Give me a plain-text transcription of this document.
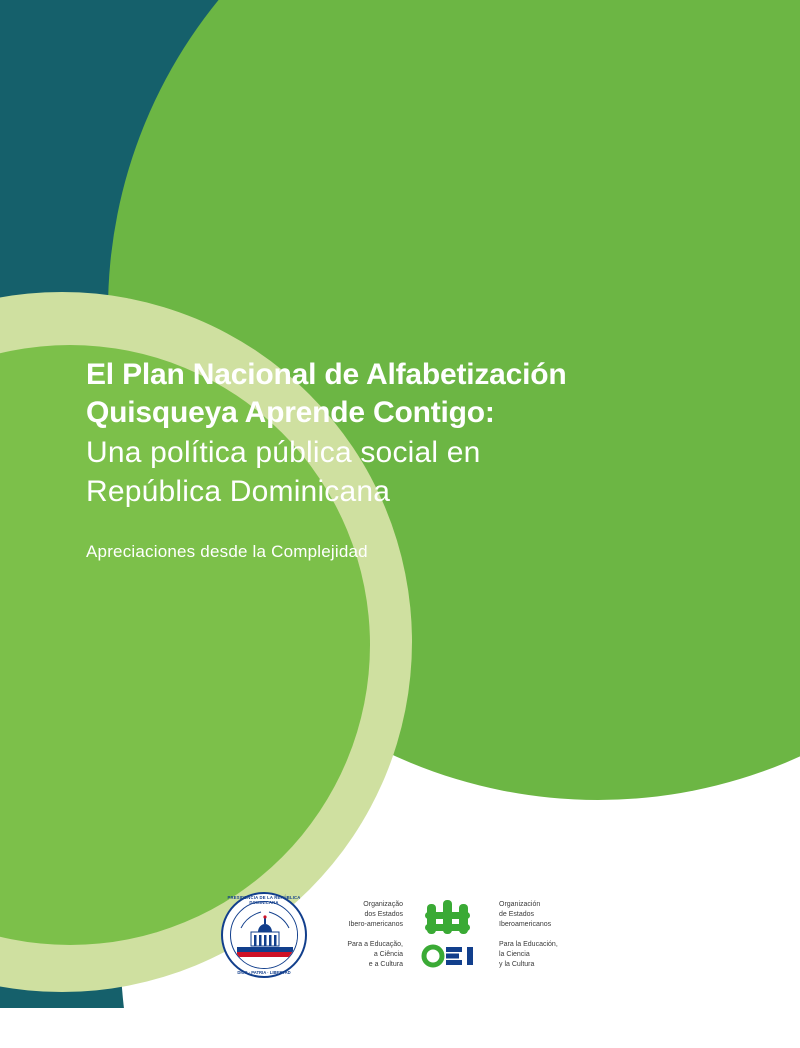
El Plan Nacional de Alfabetización
Quisqueya Aprende Contigo:
Una política pública social en
República Dominicana
Apreciaciones desde la Complejidad
PRESIDENCIA DE LA REPÚBLICA DOMINICANA
DIOS · PATRIA · LIBERTAD
Organização
dos Estados
Ibero-americanos
Para a Educação,
a Ciência
e a Cultura
Organización
de Estados
Iberoamericanos
Para la Educación,
la Ciencia
y la Cultura
